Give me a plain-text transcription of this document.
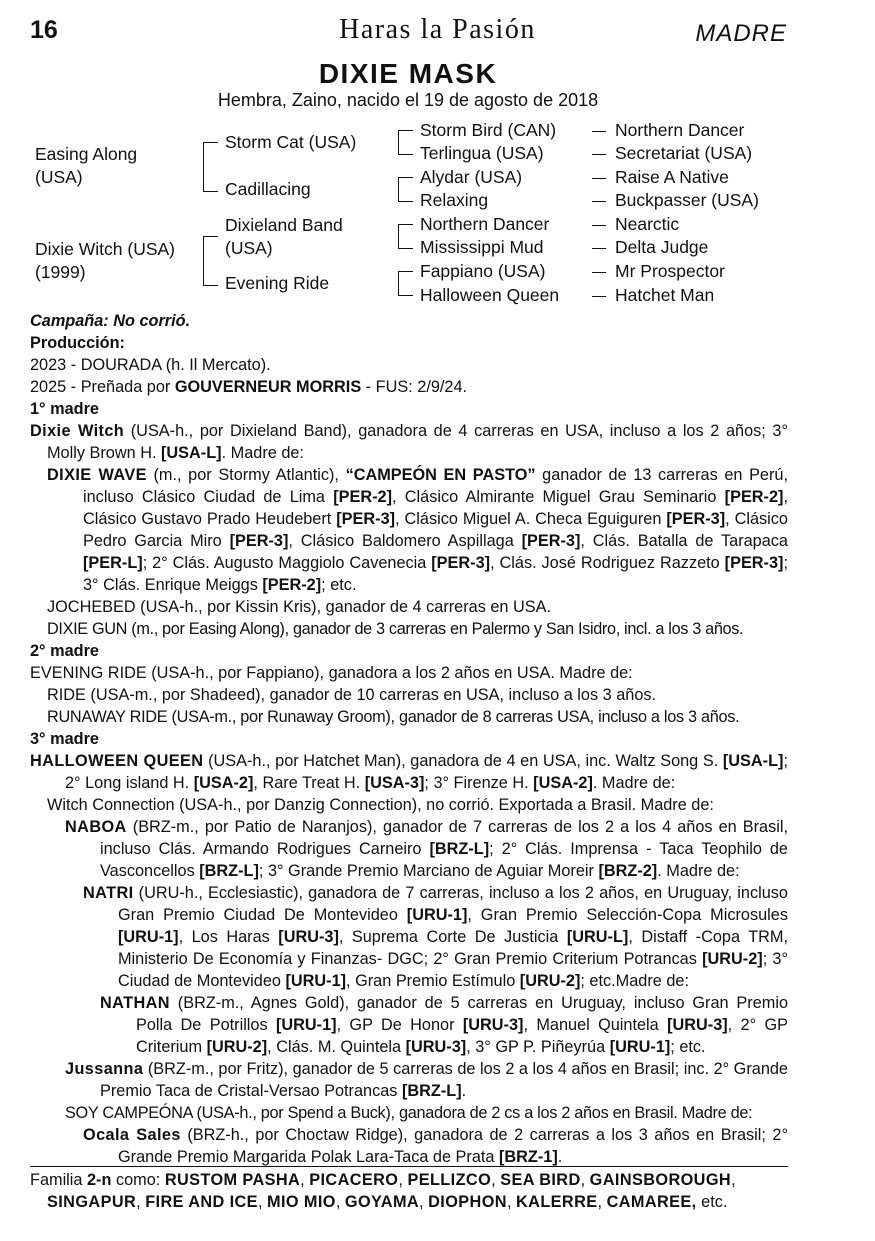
16	Haras la Pasión	MADRE
DIXIE MASK
Hembra, Zaino, nacido el 19 de agosto de 2018
Easing Along (USA)
Dixie Witch (USA)
(1999)
Storm Cat (USA)
Cadillacing
Dixieland Band (USA)
Evening Ride
Storm Bird (CAN)
Terlingua (USA)
Alydar (USA)
Relaxing
Northern Dancer
Mississippi Mud
Fappiano (USA)
Halloween Queen
Northern Dancer
Secretariat (USA)
Raise A Native
Buckpasser (USA)
Nearctic
Delta Judge
Mr Prospector
Hatchet Man

Campaña: No corrió.

Producción:

2023 - DOURADA (h. Il Mercato).

2025 - Preñada por GOUVERNEUR MORRIS - FUS: 2/9/24.

1° madre

Dixie Witch (USA-h., por Dixieland Band), ganadora de 4 carreras en USA, incluso a los 2 años; 3° Molly Brown H. [USA-L]. Madre de:

DIXIE WAVE (m., por Stormy Atlantic), “CAMPEÓN EN PASTO” ganador de 13 carreras en Perú, incluso Clásico Ciudad de Lima [PER-2], Clásico Almirante Miguel Grau Seminario [PER-2], Clásico Gustavo Prado Heudebert [PER-3], Clásico Miguel A. Checa Eguiguren [PER-3], Clásico Pedro Garcia Miro [PER-3], Clásico Baldomero Aspillaga [PER-3], Clás. Batalla de Tarapaca [PER-L]; 2° Clás. Augusto Maggiolo Cavenecia [PER-3], Clás. José Rodriguez Razzeto [PER-3]; 3° Clás. Enrique Meiggs [PER-2]; etc.

JOCHEBED (USA-h., por Kissin Kris), ganador de 4 carreras en USA.

DIXIE GUN (m., por Easing Along), ganador de 3 carreras en Palermo y San Isidro, incl. a los 3 años.

2° madre

EVENING RIDE (USA-h., por Fappiano), ganadora a los 2 años en USA. Madre de:

RIDE (USA-m., por Shadeed), ganador de 10 carreras en USA, incluso a los 3 años.

RUNAWAY RIDE (USA-m., por Runaway Groom), ganador de 8 carreras USA, incluso a los 3 años.

3° madre

HALLOWEEN QUEEN (USA-h., por Hatchet Man), ganadora de 4 en USA, inc. Waltz Song S. [USA-L]; 2° Long island H. [USA-2], Rare Treat H. [USA-3]; 3° Firenze H. [USA-2]. Madre de:

Witch Connection (USA-h., por Danzig Connection), no corrió. Exportada a Brasil. Madre de:

NABOA (BRZ-m., por Patio de Naranjos), ganador de 7 carreras de los 2 a los 4 años en Brasil, incluso Clás. Armando Rodrigues Carneiro [BRZ-L]; 2° Clás. Imprensa - Taca Teophilo de Vasconcellos [BRZ-L]; 3° Grande Premio Marciano de Aguiar Moreir [BRZ-2]. Madre de:

NATRI (URU-h., Ecclesiastic), ganadora de 7 carreras, incluso a los 2 años, en Uruguay, incluso Gran Premio Ciudad De Montevideo [URU-1], Gran Premio Selección-Copa Microsules [URU-1], Los Haras [URU-3], Suprema Corte De Justicia [URU-L], Distaff -Copa TRM, Ministerio De Economía y Finanzas- DGC; 2° Gran Premio Criterium Potrancas [URU-2]; 3° Ciudad de Montevideo [URU-1], Gran Premio Estímulo [URU-2]; etc.Madre de:

NATHAN (BRZ-m., Agnes Gold), ganador de 5 carreras en Uruguay, incluso Gran Premio Polla De Potrillos [URU-1], GP De Honor [URU-3], Manuel Quintela [URU-3], 2° GP Criterium [URU-2], Clás. M. Quintela [URU-3], 3° GP P. Piñeyrúa [URU-1]; etc.

Jussanna (BRZ-m., por Fritz), ganador de 5 carreras de los 2 a los 4 años en Brasil; inc. 2° Grande Premio Taca de Cristal-Versao Potrancas [BRZ-L].

SOY CAMPEÓNA (USA-h., por Spend a Buck), ganadora de 2 cs a los 2 años en Brasil. Madre de:

Ocala Sales (BRZ-h., por Choctaw Ridge), ganadora de 2 carreras a los 3 años en Brasil; 2° Grande Premio Margarida Polak Lara-Taca de Prata [BRZ-1].

Familia 2-n como: RUSTOM PASHA, PICACERO, PELLIZCO, SEA BIRD, GAINSBOROUGH, SINGAPUR, FIRE AND ICE, MIO MIO, GOYAMA, DIOPHON, KALERRE, CAMAREE, etc.
